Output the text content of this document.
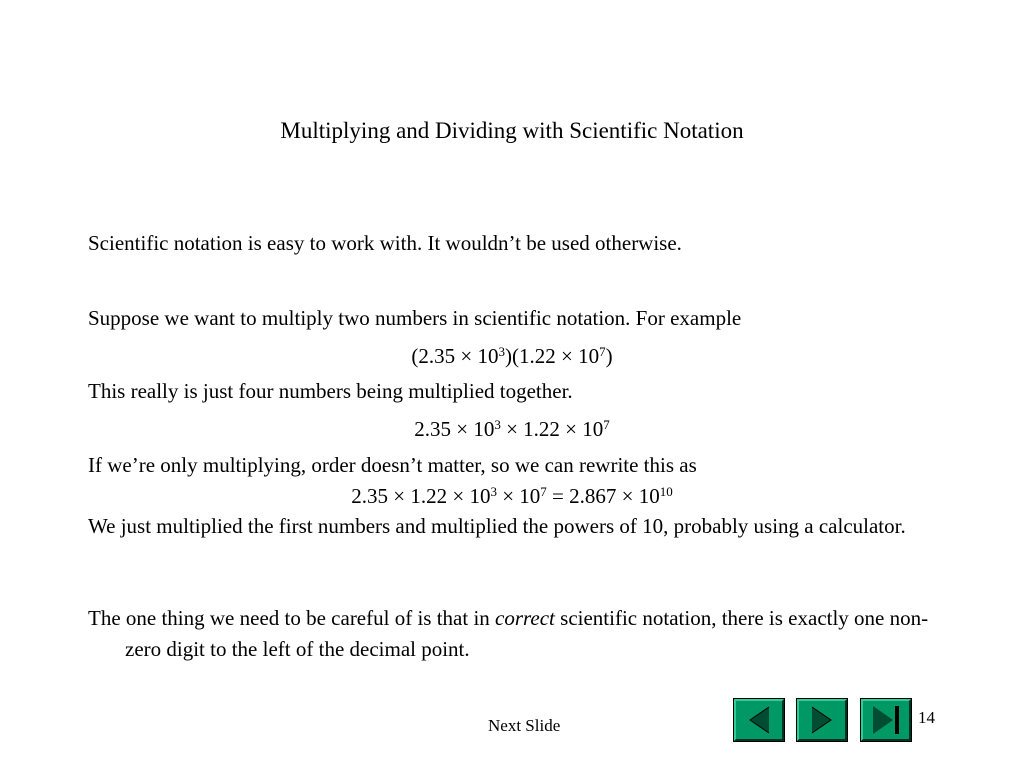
Multiplying and Dividing with Scientific Notation
Scientific notation is easy to work with. It wouldn’t be used otherwise.
Suppose we want to multiply two numbers in scientific notation. For example
$(2.35 \times 10^3)(1.22 \times 10^7)$
This really is just four numbers being multiplied together.
$2.35 \times 10^3 \times 1.22 \times 10^7$
If we’re only multiplying, order doesn’t matter, so we can rewrite this as
$2.35 \times 1.22 \times 10^3 \times 10^7 = 2.867 \times 10^{10}$
We just multiplied the first numbers and multiplied the powers of 10, probably using a calculator.
The one thing we need to be careful of is that in correct scientific notation, there is exactly one non-zero digit to the left of the decimal point.
Next Slide	14
